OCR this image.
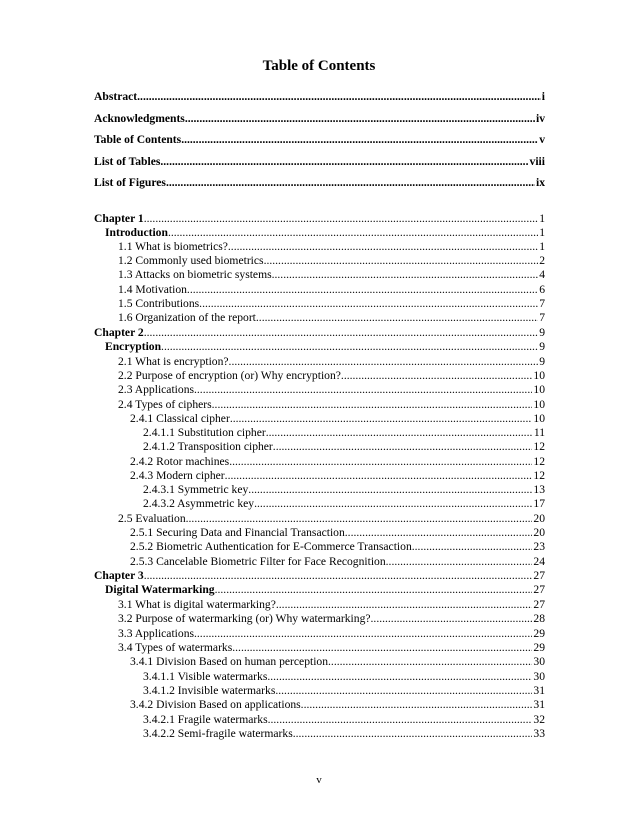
Table of Contents
Abstract .....	i
Acknowledgments .....	iv
Table of Contents .....	v
List of Tables .....	viii
List of Figures .....	ix
Chapter 1 .....	1
Introduction .....	1
1.1 What is biometrics? .....	1
1.2 Commonly used biometrics .....	2
1.3 Attacks on biometric systems .....	4
1.4 Motivation .....	6
1.5 Contributions .....	7
1.6 Organization of the report .....	7
Chapter 2 .....	9
Encryption .....	9
2.1 What is encryption? .....	9
2.2 Purpose of encryption (or) Why encryption? .....	10
2.3 Applications .....	10
2.4 Types of ciphers .....	10
2.4.1 Classical cipher .....	10
2.4.1.1 Substitution cipher .....	11
2.4.1.2 Transposition cipher .....	12
2.4.2 Rotor machines .....	12
2.4.3 Modern cipher .....	12
2.4.3.1 Symmetric key .....	13
2.4.3.2 Asymmetric key .....	17
2.5 Evaluation .....	20
2.5.1 Securing Data and Financial Transaction .....	20
2.5.2 Biometric Authentication for E-Commerce Transaction .....	23
2.5.3 Cancelable Biometric Filter for Face Recognition .....	24
Chapter 3 .....	27
Digital Watermarking .....	27
3.1 What is digital watermarking? .....	27
3.2 Purpose of watermarking (or) Why watermarking? .....	28
3.3 Applications .....	29
3.4 Types of watermarks .....	29
3.4.1 Division Based on human perception .....	30
3.4.1.1 Visible watermarks .....	30
3.4.1.2 Invisible watermarks .....	31
3.4.2 Division Based on applications .....	31
3.4.2.1 Fragile watermarks .....	32
3.4.2.2 Semi-fragile watermarks .....	33
v
